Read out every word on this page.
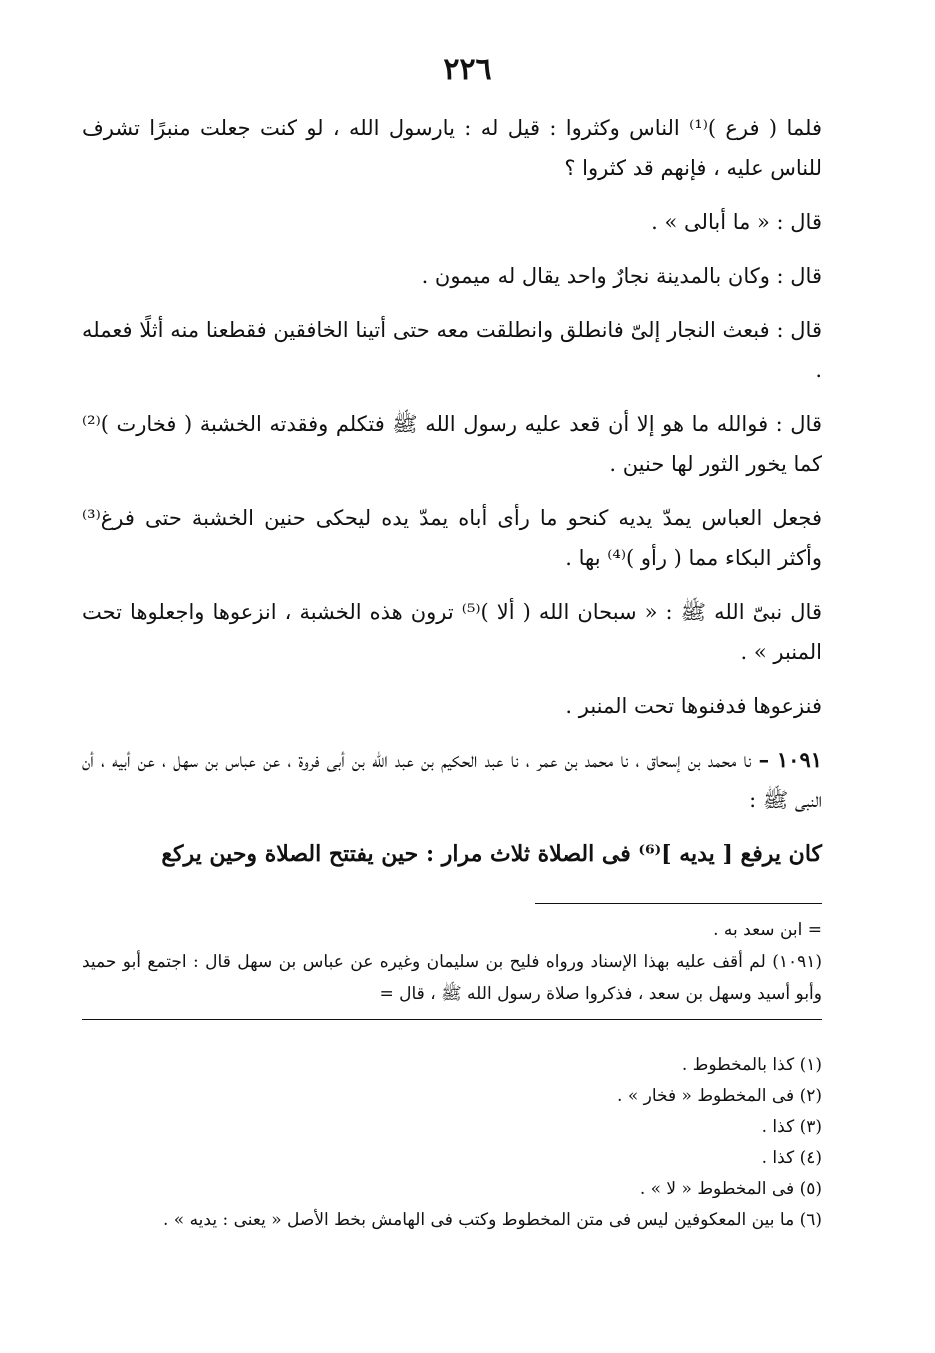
٢٢٦

فلما ( فرع )⁽¹⁾ الناس وكثروا : قيل له : يارسول الله ، لو كنت جعلت منبرًا تشرف للناس عليه ، فإنهم قد كثروا ؟

قال : « ما أبالى » .

قال : وكان بالمدينة نجارٌ واحد يقال له ميمون .

قال : فبعث النجار إلىّ فانطلق وانطلقت معه حتى أتينا الخافقين فقطعنا منه أثلًا فعمله .

قال : فوالله ما هو إلا أن قعد عليه رسول الله ﷺ فتكلم وفقدته الخشبة ( فخارت )⁽²⁾ كما يخور الثور لها حنين .

فجعل العباس يمدّ يديه كنحو ما رأى أباه يمدّ يده ليحكى حنين الخشبة حتى فرغ⁽³⁾ وأكثر البكاء مما ( رأو )⁽⁴⁾ بها .

قال نبىّ الله ﷺ : « سبحان الله ( ألا )⁽⁵⁾ ترون هذه الخشبة ، انزعوها واجعلوها تحت المنبر » .

فنزعوها فدفنوها تحت المنبر .

١٠٩١ – نا محمد بن إسحاق ، نا محمد بن عمر ، نا عبد الحكيم بن عبد الله بن أبى فروة ، عن عباس بن سهل ، عن أبيه ، أن النبى ﷺ :

كان يرفع [ يديه ]⁽⁶⁾ فى الصلاة ثلاث مرار : حين يفتتح الصلاة وحين يركع

= ابن سعد به .

(١٠٩١) لم أقف عليه بهذا الإسناد ورواه فليح بن سليمان وغيره عن عباس بن سهل قال : اجتمع أبو حميد وأبو أسيد وسهل بن سعد ، فذكروا صلاة رسول الله ﷺ ، قال =

(١) كذا بالمخطوط .

(٢) فى المخطوط « فخار » .

(٣) كذا .

(٤) كذا .

(٥) فى المخطوط « لا » .

(٦) ما بين المعكوفين ليس فى متن المخطوط وكتب فى الهامش بخط الأصل « يعنى : يديه » .
